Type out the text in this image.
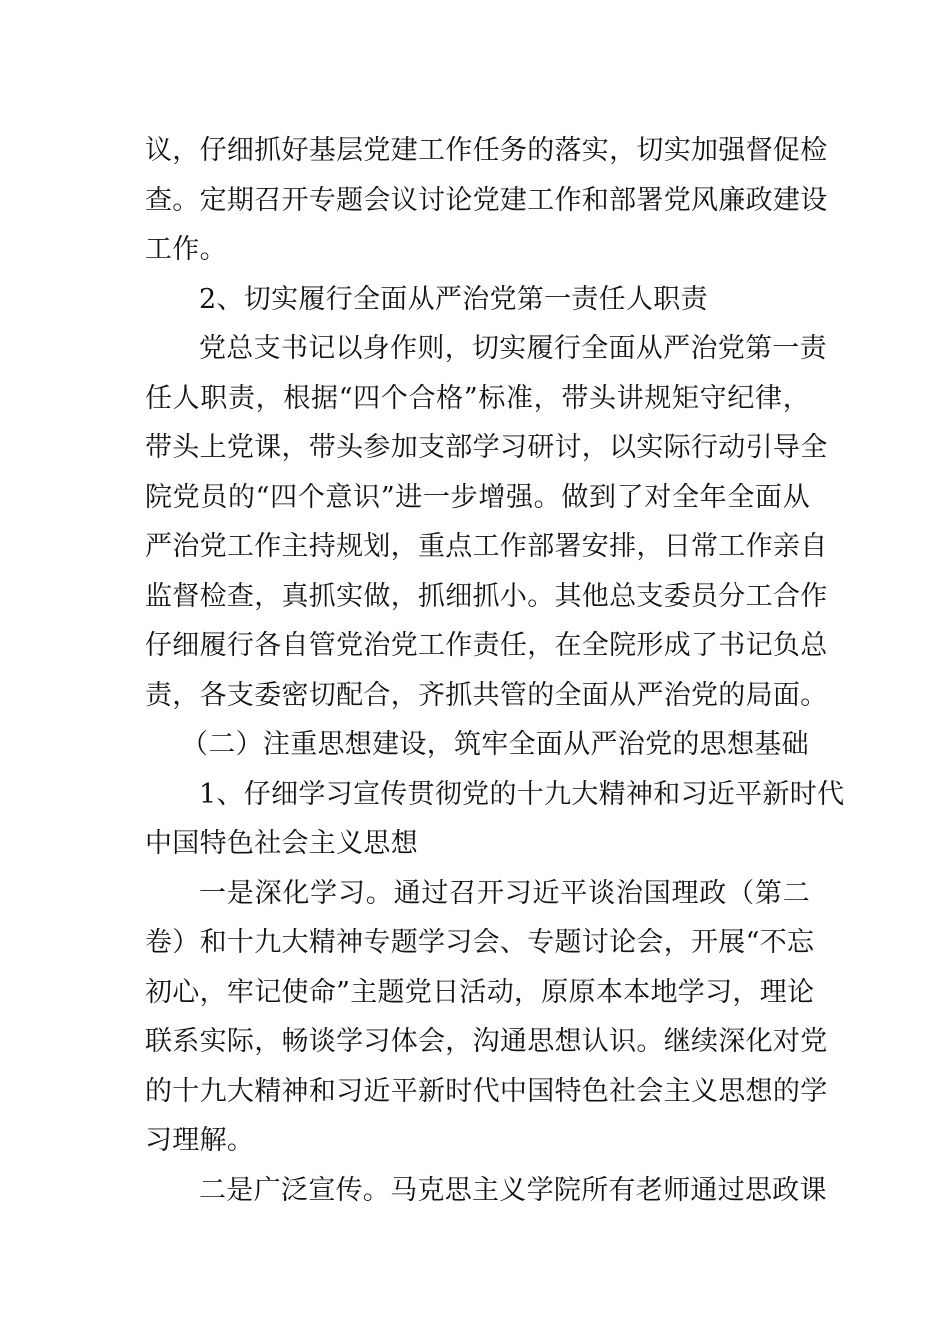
议，仔细抓好基层党建工作任务的落实，切实加强督促检
查。定期召开专题会议讨论党建工作和部署党风廉政建设
工作。
2、切实履行全面从严治党第一责任人职责
党总支书记以身作则，切实履行全面从严治党第一责
任人职责，根据“四个合格”标准，带头讲规矩守纪律，
带头上党课，带头参加支部学习研讨，以实际行动引导全
院党员的“四个意识”进一步增强。做到了对全年全面从
严治党工作主持规划，重点工作部署安排，日常工作亲自
监督检查，真抓实做，抓细抓小。其他总支委员分工合作
仔细履行各自管党治党工作责任，在全院形成了书记负总
责，各支委密切配合，齐抓共管的全面从严治党的局面。
（二）注重思想建设，筑牢全面从严治党的思想基础
1、仔细学习宣传贯彻党的十九大精神和习近平新时代
中国特色社会主义思想
一是深化学习。通过召开习近平谈治国理政（第二
卷）和十九大精神专题学习会、专题讨论会，开展“不忘
初心，牢记使命”主题党日活动，原原本本地学习，理论
联系实际，畅谈学习体会，沟通思想认识。继续深化对党
的十九大精神和习近平新时代中国特色社会主义思想的学
习理解。
二是广泛宣传。马克思主义学院所有老师通过思政课
